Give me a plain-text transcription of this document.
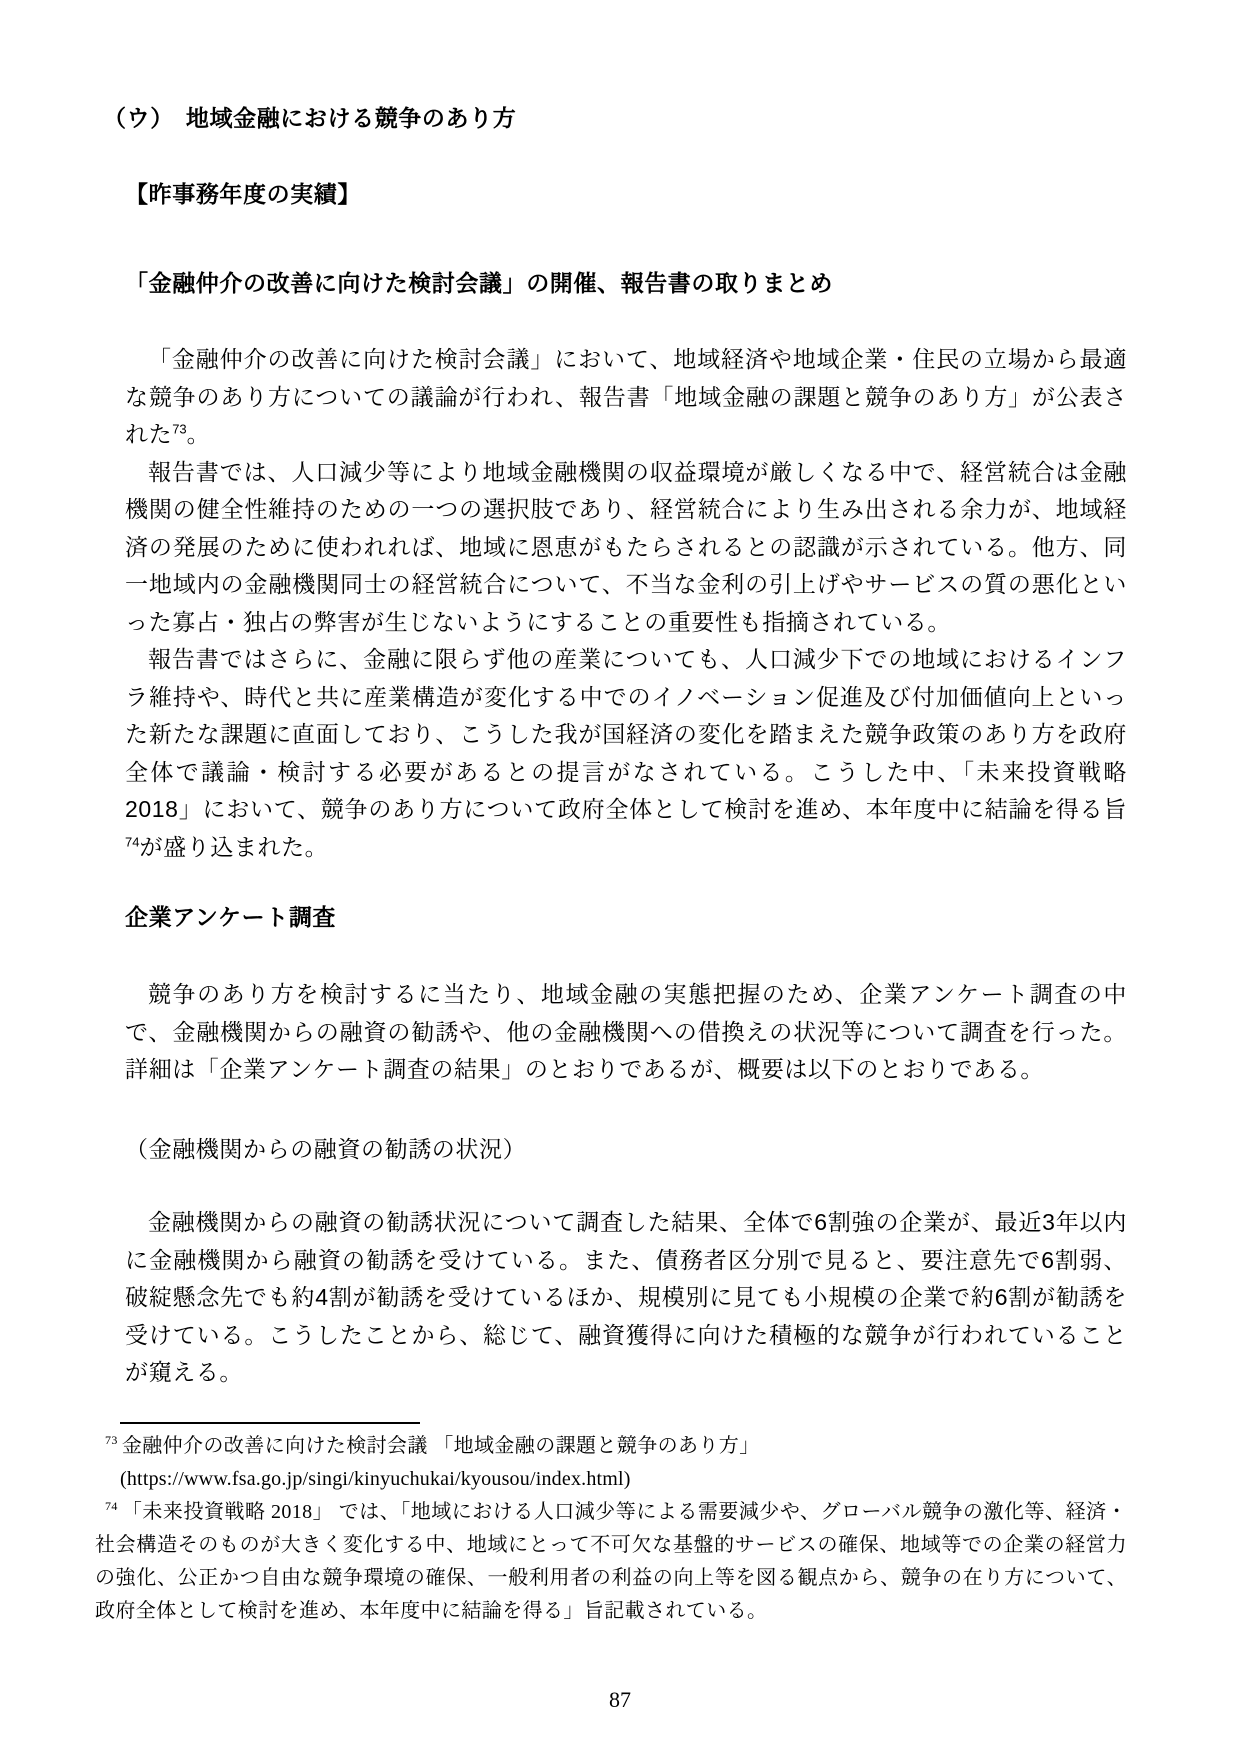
（ウ）　地域金融における競争のあり方
【昨事務年度の実績】
「金融仲介の改善に向けた検討会議」の開催、報告書の取りまとめ

「金融仲介の改善に向けた検討会議」において、地域経済や地域企業・住民の立場から最適な競争のあり方についての議論が行われ、報告書「地域金融の課題と競争のあり方」が公表された$^{73}$。

報告書では、人口減少等により地域金融機関の収益環境が厳しくなる中で、経営統合は金融機関の健全性維持のための一つの選択肢であり、経営統合により生み出される余力が、地域経済の発展のために使われれば、地域に恩恵がもたらされるとの認識が示されている。他方、同一地域内の金融機関同士の経営統合について、不当な金利の引上げやサービスの質の悪化といった寡占・独占の弊害が生じないようにすることの重要性も指摘されている。

報告書ではさらに、金融に限らず他の産業についても、人口減少下での地域におけるインフラ維持や、時代と共に産業構造が変化する中でのイノベーション促進及び付加価値向上といった新たな課題に直面しており、こうした我が国経済の変化を踏まえた競争政策のあり方を政府全体で議論・検討する必要があるとの提言がなされている。こうした中、「未来投資戦略 2018」において、競争のあり方について政府全体として検討を進め、本年度中に結論を得る旨$^{74}$が盛り込まれた。

企業アンケート調査

競争のあり方を検討するに当たり、地域金融の実態把握のため、企業アンケート調査の中で、金融機関からの融資の勧誘や、他の金融機関への借換えの状況等について調査を行った。詳細は「企業アンケート調査の結果」のとおりであるが、概要は以下のとおりである。

（金融機関からの融資の勧誘の状況）

金融機関からの融資の勧誘状況について調査した結果、全体で6割強の企業が、最近3年以内に金融機関から融資の勧誘を受けている。また、債務者区分別で見ると、要注意先で6割弱、破綻懸念先でも約4割が勧誘を受けているほか、規模別に見ても小規模の企業で約6割が勧誘を受けている。こうしたことから、総じて、融資獲得に向けた積極的な競争が行われていることが窺える。

$^{73}$ 金融仲介の改善に向けた検討会議 「地域金融の課題と競争のあり方」
(https://www.fsa.go.jp/singi/kinyuchukai/kyousou/index.html)
$^{74}$ 「未来投資戦略 2018」 では、「地域における人口減少等による需要減少や、グローバル競争の激化等、経済・社会構造そのものが大きく変化する中、地域にとって不可欠な基盤的サービスの確保、地域等での企業の経営力の強化、公正かつ自由な競争環境の確保、一般利用者の利益の向上等を図る観点から、競争の在り方について、政府全体として検討を進め、本年度中に結論を得る」旨記載されている。
87
